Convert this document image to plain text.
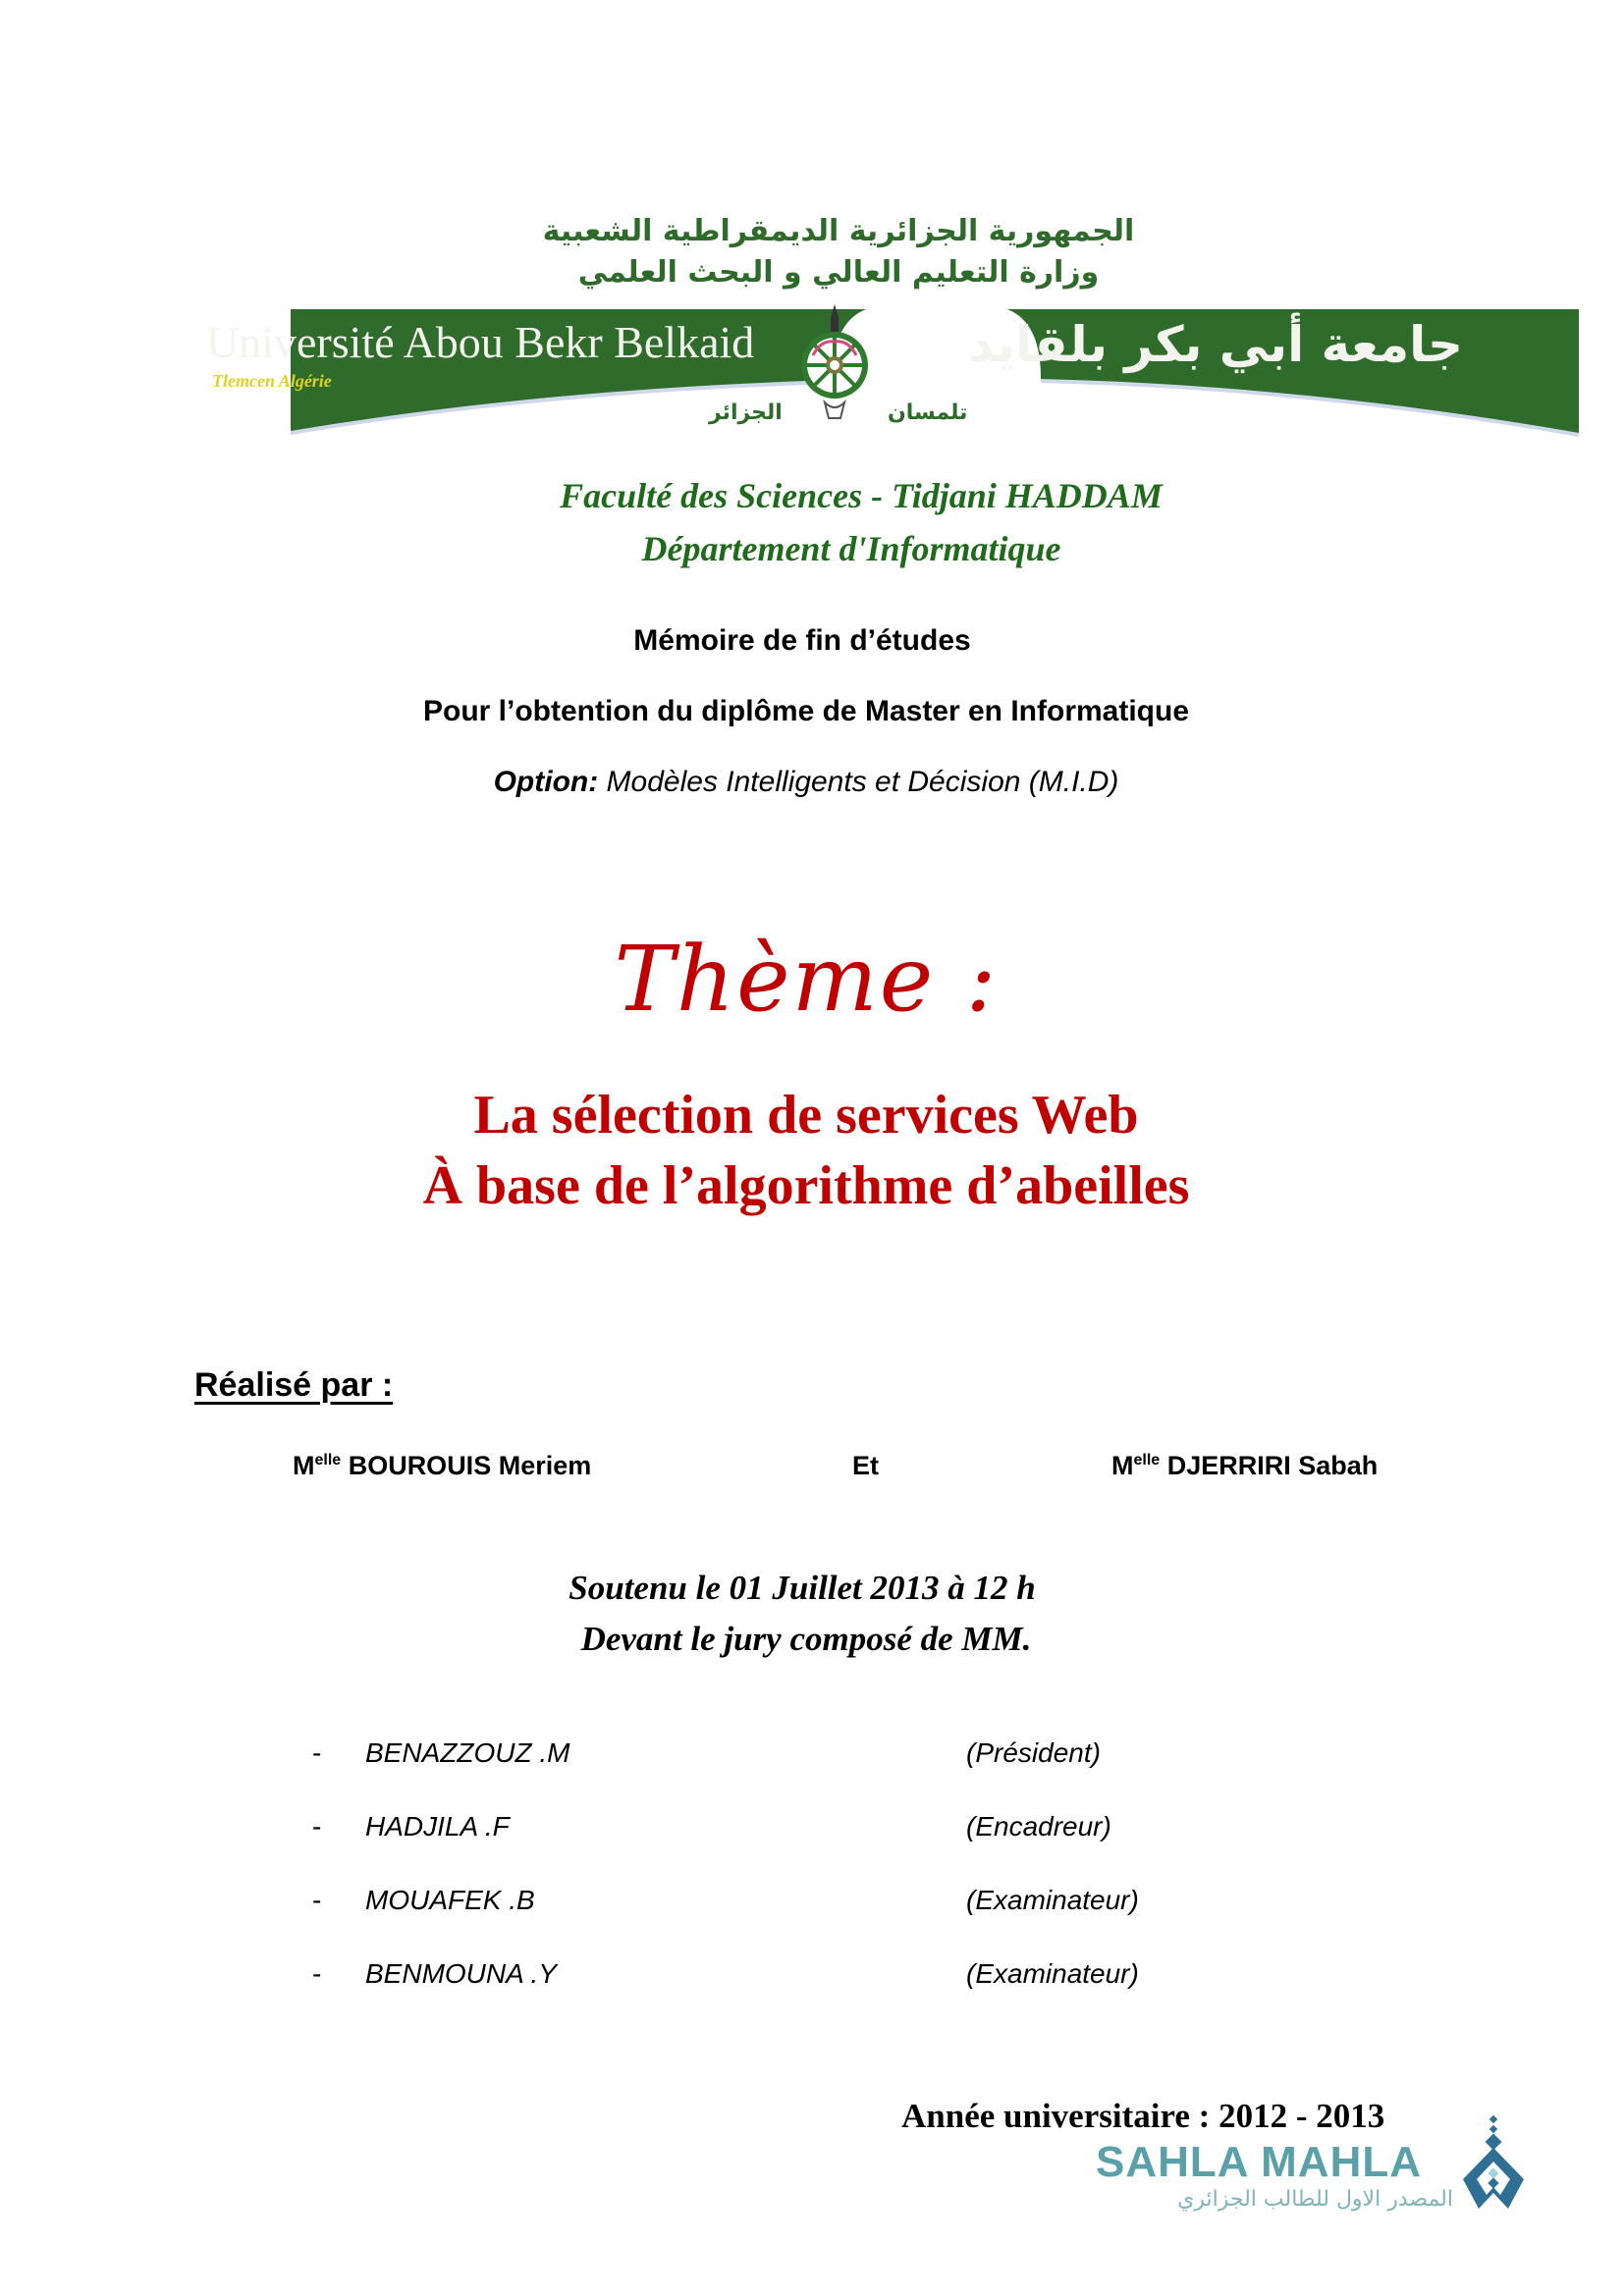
الجمهورية الجزائرية الديمقراطية الشعبية
وزارة التعليم العالي و البحث العلمي
Université Abou Bekr Belkaid
Tlemcen Algérie
جامعة أبي بكر بلقايد
الجزائر	تلمسان
Faculté des Sciences - Tidjani HADDAM
Département d'Informatique
Mémoire de fin d’études
Pour l’obtention du diplôme de Master en Informatique
Option: Modèles Intelligents et Décision (M.I.D)
Thème :
La sélection de services Web
À base de l’algorithme d’abeilles
Réalisé par :
$M^{elle}$ BOUROUIS Meriem	Et	$M^{elle}$ DJERRIRI Sabah
Soutenu le 01 Juillet 2013 à 12 h
Devant le jury composé de MM.
- BENAZZOUZ .M	(Président)
- HADJILA .F	(Encadreur)
- MOUAFEK .B	(Examinateur)
- BENMOUNA .Y	(Examinateur)
Année universitaire : 2012 - 2013
SAHLA MAHLA
المصدر الاول للطالب الجزائري
